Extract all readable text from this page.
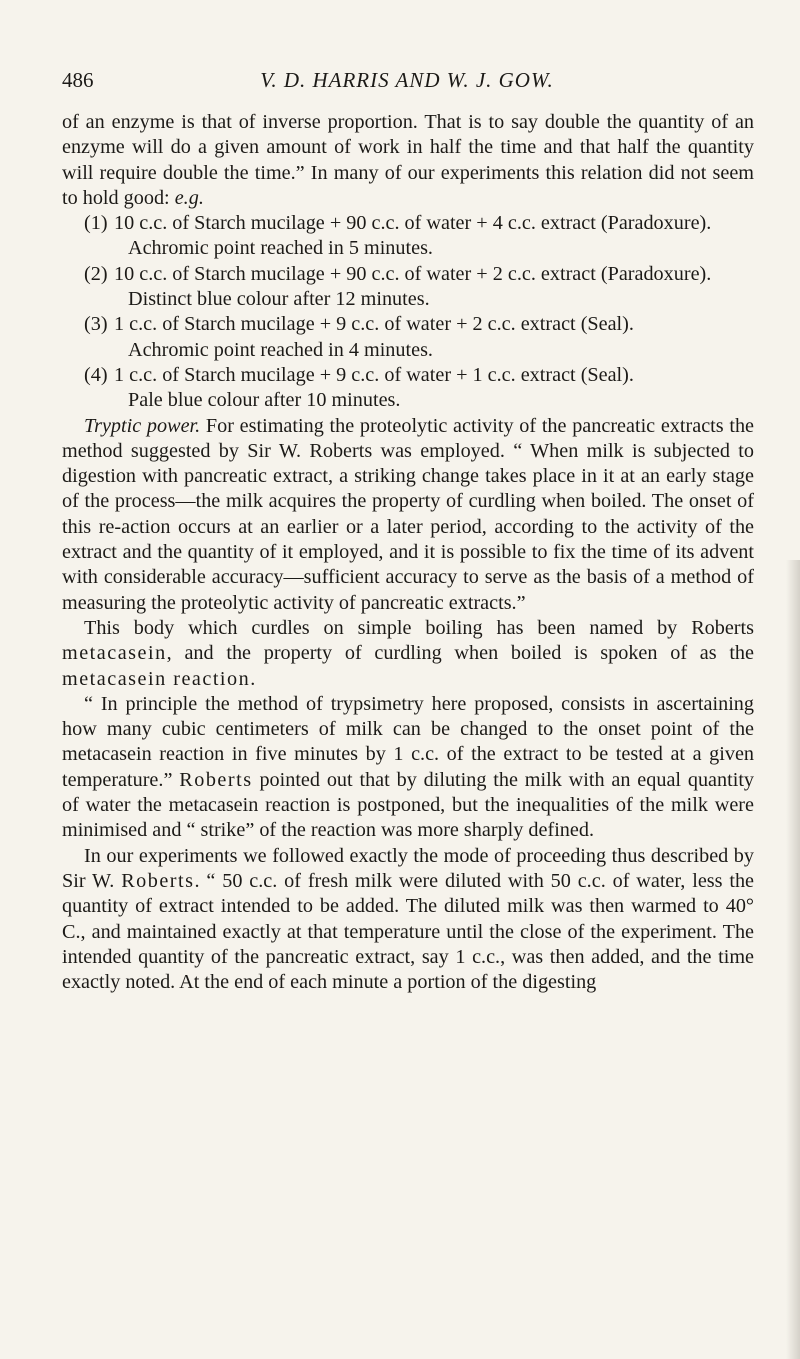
486	V. D. HARRIS AND W. J. GOW.

of an enzyme is that of inverse proportion. That is to say double the quantity of an enzyme will do a given amount of work in half the time and that half the quantity will require double the time.” In many of our experiments this relation did not seem to hold good: e.g.

(1) 10 c.c. of Starch mucilage + 90 c.c. of water + 4 c.c. extract (Paradoxure).

Achromic point reached in 5 minutes.

(2) 10 c.c. of Starch mucilage + 90 c.c. of water + 2 c.c. extract (Paradoxure).

Distinct blue colour after 12 minutes.

(3) 1 c.c. of Starch mucilage + 9 c.c. of water + 2 c.c. extract (Seal).

Achromic point reached in 4 minutes.

(4) 1 c.c. of Starch mucilage + 9 c.c. of water + 1 c.c. extract (Seal).

Pale blue colour after 10 minutes.

Tryptic power. For estimating the proteolytic activity of the pancreatic extracts the method suggested by Sir W. Roberts was employed. “ When milk is subjected to digestion with pancreatic extract, a striking change takes place in it at an early stage of the process—the milk acquires the property of curdling when boiled. The onset of this re-action occurs at an earlier or a later period, according to the activity of the extract and the quantity of it employed, and it is possible to fix the time of its advent with considerable accuracy—sufficient accuracy to serve as the basis of a method of measuring the proteolytic activity of pancreatic extracts.”

This body which curdles on simple boiling has been named by Roberts metacasein, and the property of curdling when boiled is spoken of as the metacasein reaction.

“ In principle the method of trypsimetry here proposed, consists in ascertaining how many cubic centimeters of milk can be changed to the onset point of the metacasein reaction in five minutes by 1 c.c. of the extract to be tested at a given temperature.” Roberts pointed out that by diluting the milk with an equal quantity of water the metacasein reaction is postponed, but the inequalities of the milk were minimised and “ strike” of the reaction was more sharply defined.

In our experiments we followed exactly the mode of proceeding thus described by Sir W. Roberts. “ 50 c.c. of fresh milk were diluted with 50 c.c. of water, less the quantity of extract intended to be added. The diluted milk was then warmed to 40° C., and maintained exactly at that temperature until the close of the experiment. The intended quantity of the pancreatic extract, say 1 c.c., was then added, and the time exactly noted. At the end of each minute a portion of the digesting
